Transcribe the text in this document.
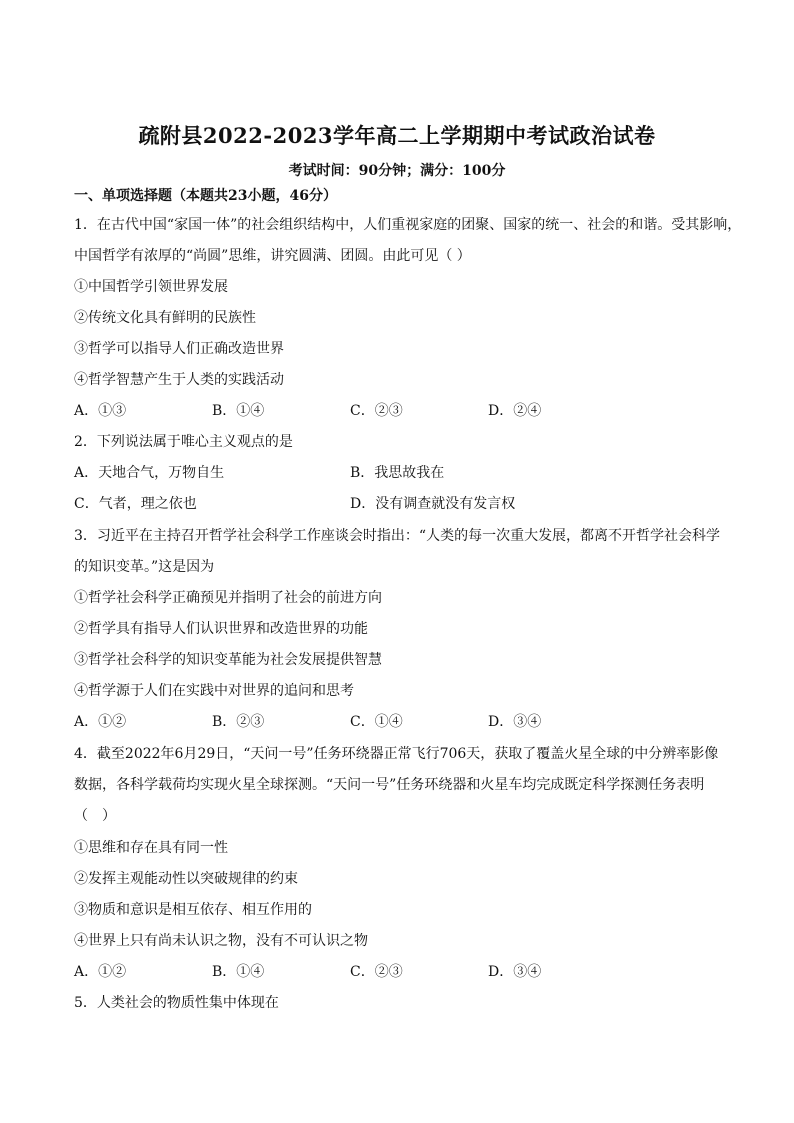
疏附县2022-2023学年高二上学期期中考试政治试卷
考试时间：90分钟；满分：100分
一、单项选择题（本题共23小题，46分）
1．在古代中国“家国一体”的社会组织结构中，人们重视家庭的团聚、国家的统一、社会的和谐。受其影响，
中国哲学有浓厚的“尚圆”思维，讲究圆满、团圆。由此可见（ ）
①中国哲学引领世界发展
②传统文化具有鲜明的民族性
③哲学可以指导人们正确改造世界
④哲学智慧产生于人类的实践活动
A．①③	B．①④	C．②③	D．②④
2．下列说法属于唯心主义观点的是
A．天地合气，万物自生	B．我思故我在
C．气者，理之依也	D．没有调查就没有发言权
3．习近平在主持召开哲学社会科学工作座谈会时指出：“人类的每一次重大发展，都离不开哲学社会科学
的知识变革。”这是因为
①哲学社会科学正确预见并指明了社会的前进方向
②哲学具有指导人们认识世界和改造世界的功能
③哲学社会科学的知识变革能为社会发展提供智慧
④哲学源于人们在实践中对世界的追问和思考
A．①②	B．②③	C．①④	D．③④
4．截至2022年6月29日，“天问一号”任务环绕器正常飞行706天，获取了覆盖火星全球的中分辨率影像
数据，各科学载荷均实现火星全球探测。“天问一号”任务环绕器和火星车均完成既定科学探测任务表明
（　）
①思维和存在具有同一性
②发挥主观能动性以突破规律的约束
③物质和意识是相互依存、相互作用的
④世界上只有尚未认识之物，没有不可认识之物
A．①②	B．①④	C．②③	D．③④
5．人类社会的物质性集中体现在
